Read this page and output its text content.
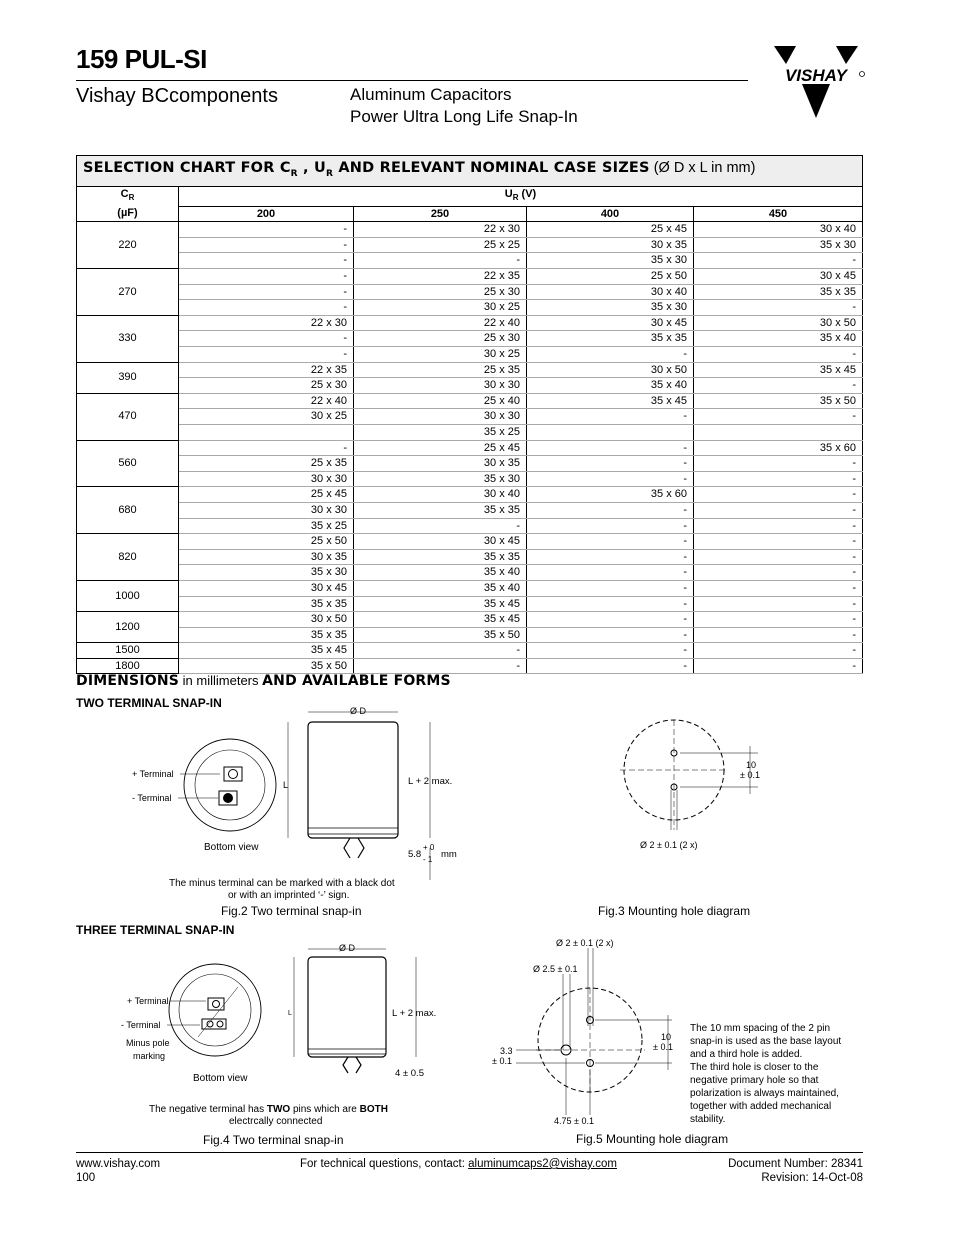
159 PUL-SI
Vishay BCcomponents	Aluminum Capacitors
Power Ultra Long Life Snap-In
VISHAY
SELECTION CHART FOR $C_R$ , $U_R$ AND RELEVANT NOMINAL CASE SIZES (Ø D x L in mm)				
$C_R$
(µF)	$U_R$ (V)			
	200	250	400	450
220	-	22 x 30	25 x 45	30 x 40
	-	25 x 25	30 x 35	35 x 30
	-	-	35 x 30	-
270	-	22 x 35	25 x 50	30 x 45
	-	25 x 30	30 x 40	35 x 35
	-	30 x 25	35 x 30	-
330	22 x 30	22 x 40	30 x 45	30 x 50
	-	25 x 30	35 x 35	35 x 40
	-	30 x 25	-	-
390	22 x 35	25 x 35	30 x 50	35 x 45
	25 x 30	30 x 30	35 x 40	-
470	22 x 40	25 x 40	35 x 45	35 x 50
	30 x 25	30 x 30	-	-
		35 x 25		
560	-	25 x 45	-	35 x 60
	25 x 35	30 x 35	-	-
	30 x 30	35 x 30	-	-
680	25 x 45	30 x 40	35 x 60	-
	30 x 30	35 x 35	-	-
	35 x 25	-	-	-
820	25 x 50	30 x 45	-	-
	30 x 35	35 x 35	-	-
	35 x 30	35 x 40	-	-
1000	30 x 45	35 x 40	-	-
	35 x 35	35 x 45	-	-
1200	30 x 50	35 x 45	-	-
	35 x 35	35 x 50	-	-
1500	35 x 45	-	-	-
1800	35 x 50	-	-	-
DIMENSIONS in millimeters AND AVAILABLE FORMS
TWO TERMINAL SNAP-IN
+ Terminal
- Terminal
Bottom view
Ø D
L	L + 2 max.
5.8
+ 0
- 1 mm
The minus terminal can be marked with a black dot
or with an imprinted ‘-’ sign.
Fig.2 Two terminal snap-in
10
± 0.1
Ø 2 ± 0.1 (2 x)
Fig.3 Mounting hole diagram
THREE TERMINAL SNAP-IN
+ Terminal
- Terminal
Minus pole
marking
Bottom view
Ø D
L	L + 2 max.
4 ± 0.5
The negative terminal has TWO pins which are BOTH
electrcally connected
Fig.4 Two terminal snap-in
Ø 2 ± 0.1 (2 x)
Ø 2.5 ± 0.1
10
± 0.1
3.3
± 0.1
4.75 ± 0.1
The 10 mm spacing of the 2 pin
snap-in is used as the base layout
and a third hole is added.
The third hole is closer to the
negative primary hole so that
polarization is always maintained,
together with added mechanical
stability.
Fig.5 Mounting hole diagram
www.vishay.com
100
For technical questions, contact: aluminumcaps2@vishay.com	Document Number: 28341
Revision: 14-Oct-08
